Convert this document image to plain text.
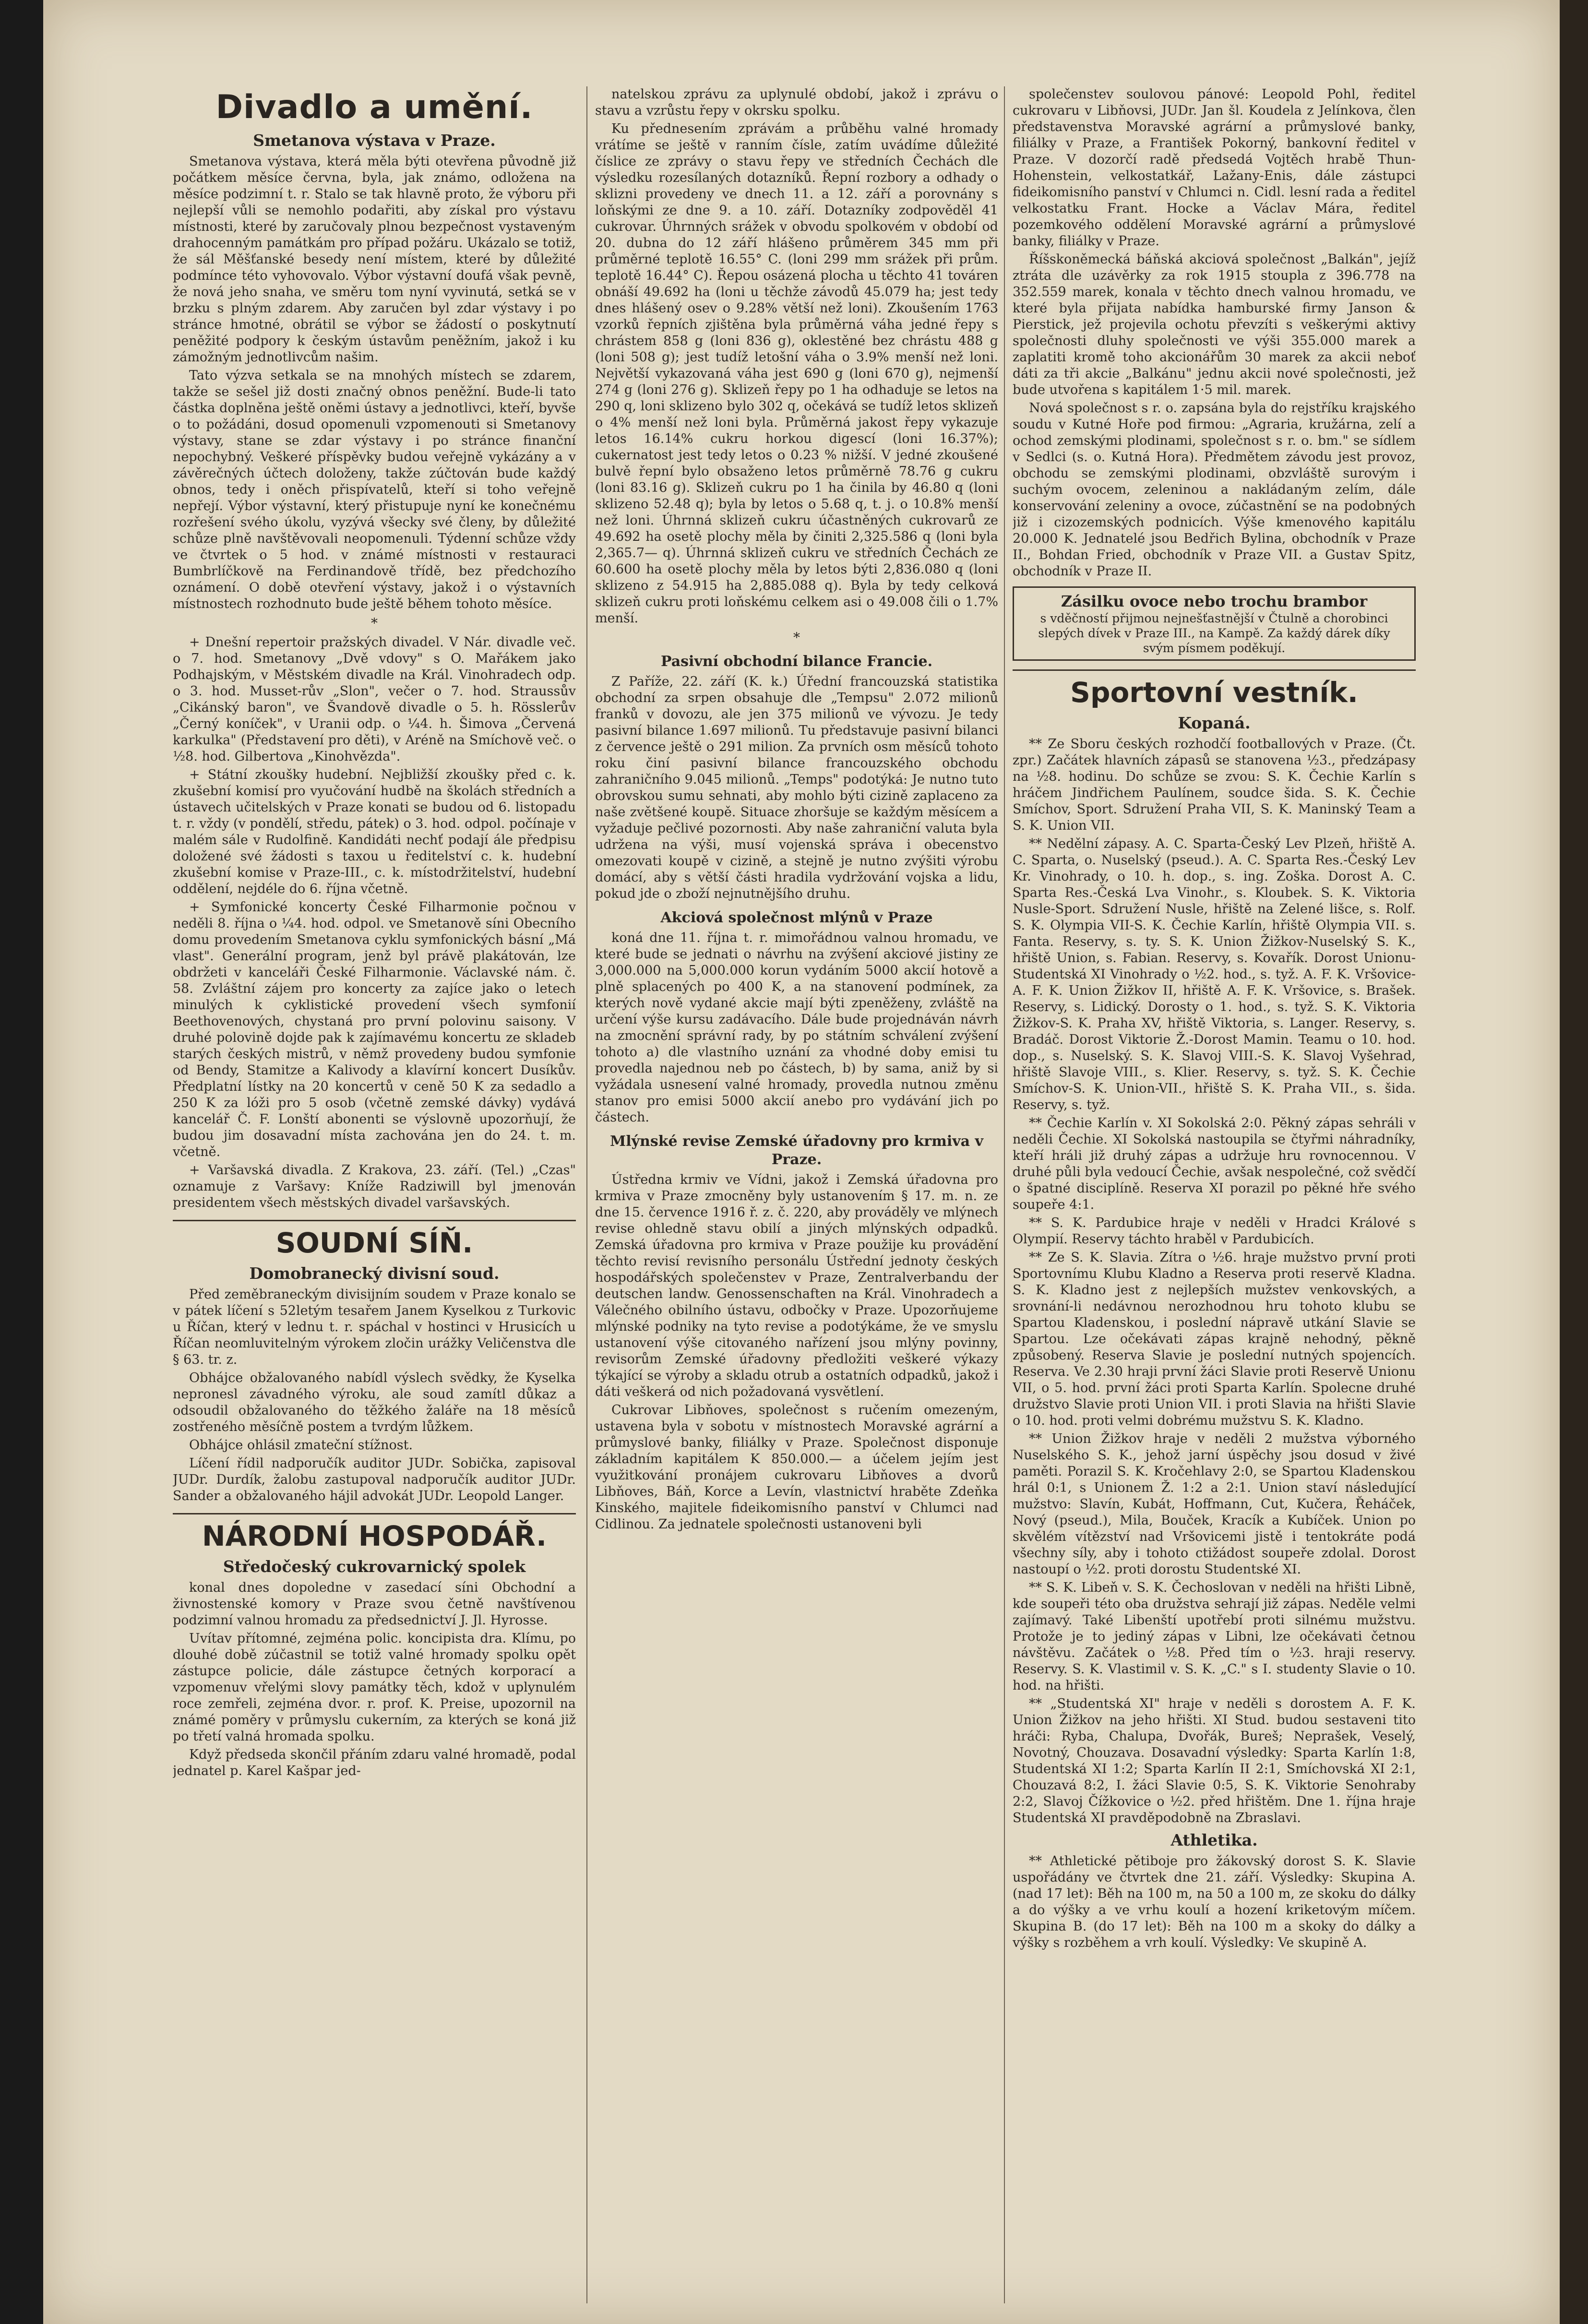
Divadlo a umění.
Smetanova výstava v Praze.

Smetanova výstava, která měla býti otevřena původně již počátkem měsíce června, byla, jak známo, odložena na měsíce podzimní t. r. Stalo se tak hlavně proto, že výboru při nejlepší vůli se nemohlo podařiti, aby získal pro výstavu místnosti, které by zaručovaly plnou bezpečnost vystaveným drahocenným památkám pro případ požáru. Ukázalo se totiž, že sál Měšťanské besedy není místem, které by důležité podmínce této vyhovovalo. Výbor výstavní doufá však pevně, že nová jeho snaha, ve směru tom nyní vyvinutá, setká se v brzku s plným zdarem. Aby zaručen byl zdar výstavy i po stránce hmotné, obrátil se výbor se žádostí o poskytnutí peněžité podpory k českým ústavům peněžním, jakož i ku zámožným jednotlivcům našim.

Tato výzva setkala se na mnohých místech se zdarem, takže se sešel již dosti značný obnos peněžní. Bude-li tato částka doplněna ještě oněmi ústavy a jednotlivci, kteří, byvše o to požádáni, dosud opomenuli vzpomenouti si Smetanovy výstavy, stane se zdar výstavy i po stránce finanční nepochybný. Veškeré příspěvky budou veřejně vykázány a v závěrečných účtech doloženy, takže zúčtován bude každý obnos, tedy i oněch přispívatelů, kteří si toho veřejně nepřejí. Výbor výstavní, který přistupuje nyní ke konečnému rozřešení svého úkolu, vyzývá všecky své členy, by důležité schůze plně navštěvovali neopomenuli. Týdenní schůze vždy ve čtvrtek o 5 hod. v známé místnosti v restauraci Bumbrlíčkově na Ferdinandově třídě, bez předchozího oznámení. O době otevření výstavy, jakož i o výstavních místnostech rozhodnuto bude ještě během tohoto měsíce.

*

+ Dnešní repertoir pražských divadel. V Nár. divadle več. o 7. hod. Smetanovy „Dvě vdovy" s O. Mařákem jako Podhajským, v Městském divadle na Král. Vinohradech odp. o 3. hod. Musset-rův „Slon", večer o 7. hod. Straussův „Cikánský baron", ve Švandově divadle o 5. h. Rösslerův „Černý koníček", v Uranii odp. o ¼4. h. Šimova „Červená karkulka" (Představení pro děti), v Aréně na Smíchově več. o ½8. hod. Gilbertova „Kinohvězda".

+ Státní zkoušky hudební. Nejbližší zkoušky před c. k. zkušební komisí pro vyučování hudbě na školách středních a ústavech učitelských v Praze konati se budou od 6. listopadu t. r. vždy (v pondělí, středu, pátek) o 3. hod. odpol. počínaje v malém sále v Rudolfině. Kandidáti nechť podají ále předpisu doložené své žádosti s taxou u ředitelství c. k. hudební zkušební komise v Praze-III., c. k. místodržitelství, hudební oddělení, nejdéle do 6. října včetně.

+ Symfonické koncerty České Filharmonie počnou v neděli 8. října o ¼4. hod. odpol. ve Smetanově síni Obecního domu provedením Smetanova cyklu symfonických básní „Má vlast". Generální program, jenž byl právě plakátován, lze obdržeti v kanceláři České Filharmonie. Václavské nám. č. 58. Zvláštní zájem pro koncerty za zajíce jako o letech minulých k cyklistické provedení všech symfonií Beethovenových, chystaná pro první polovinu saisony. V druhé polovině dojde pak k zajímavému koncertu ze skladeb starých českých mistrů, v němž provedeny budou symfonie od Bendy, Stamitze a Kalivody a klavírní koncert Dusíkův. Předplatní lístky na 20 koncertů v ceně 50 K za sedadlo a 250 K za lóži pro 5 osob (včetně zemské dávky) vydává kancelář Č. F. Lonští abonenti se výslovně upozorňují, že budou jim dosavadní místa zachována jen do 24. t. m. včetně.

+ Varšavská divadla. Z Krakova, 23. září. (Tel.) „Czas" oznamuje z Varšavy: Kníže Radziwill byl jmenován presidentem všech městských divadel varšavských.

SOUDNÍ SÍŇ.
Domobranecký divisní soud.

Před zeměbraneckým divisijním soudem v Praze konalo se v pátek líčení s 52letým tesařem Janem Kyselkou z Turkovic u Říčan, který v lednu t. r. spáchal v hostinci v Hrusicích u Říčan neomluvitelným výrokem zločin urážky Veličenstva dle § 63. tr. z.

Obhájce obžalovaného nabídl výslech svědky, že Kyselka nepronesl závadného výroku, ale soud zamítl důkaz a odsoudil obžalovaného do těžkého žaláře na 18 měsíců zostřeného měsíčně postem a tvrdým lůžkem.

Obhájce ohlásil zmateční stížnost.

Líčení řídil nadporučík auditor JUDr. Sobička, zapisoval JUDr. Durdík, žalobu zastupoval nadporučík auditor JUDr. Sander a obžalovaného hájil advokát JUDr. Leopold Langer.

NÁRODNÍ HOSPODÁŘ.
Středočeský cukrovarnický spolek

konal dnes dopoledne v zasedací síni Obchodní a živnostenské komory v Praze svou četně navštívenou podzimní valnou hromadu za předsednictví J. Jl. Hyrosse.

Uvítav přítomné, zejména polic. koncipista dra. Klímu, po dlouhé době zúčastnil se totiž valné hromady spolku opět zástupce policie, dále zástupce četných korporací a vzpomenuv vřelými slovy památky těch, kdož v uplynulém roce zemřeli, zejména dvor. r. prof. K. Preise, upozornil na známé poměry v průmyslu cukerním, za kterých se koná již po třetí valná hromada spolku.

Když předseda skončil přáním zdaru valné hromadě, podal jednatel p. Karel Kašpar jed-

natelskou zprávu za uplynulé období, jakož i zprávu o stavu a vzrůstu řepy v okrsku spolku.

Ku přednesením zprávám a průběhu valné hromady vrátíme se ještě v ranním čísle, zatím uvádíme důležité číslice ze zprávy o stavu řepy ve středních Čechách dle výsledku rozesílaných dotazníků. Řepní rozbory a odhady o sklizni provedeny ve dnech 11. a 12. září a porovnány s loňskými ze dne 9. a 10. září. Dotazníky zodpověděl 41 cukrovar. Úhrnných srážek v obvodu spolkovém v období od 20. dubna do 12 září hlášeno průměrem 345 mm při průměrné teplotě 16.55° C. (loni 299 mm srážek při prům. teplotě 16.44° C). Řepou osázená plocha u těchto 41 továren obnáší 49.692 ha (loni u těchže závodů 45.079 ha; jest tedy dnes hlášený osev o 9.28% větší než loni). Zkoušením 1763 vzorků řepních zjištěna byla průměrná váha jedné řepy s chrástem 858 g (loni 836 g), oklestěné bez chrástu 488 g (loni 508 g); jest tudíž letošní váha o 3.9% menší než loni. Největší vykazovaná váha jest 690 g (loni 670 g), nejmenší 274 g (loni 276 g). Sklizeň řepy po 1 ha odhaduje se letos na 290 q, loni sklizeno bylo 302 q, očekává se tudíž letos sklizeň o 4% menší než loni byla. Průměrná jakost řepy vykazuje letos 16.14% cukru horkou digescí (loni 16.37%); cukernatost jest tedy letos o 0.23 % nižší. V jedné zkoušené bulvě řepní bylo obsaženo letos průměrně 78.76 g cukru (loni 83.16 g). Sklizeň cukru po 1 ha činila by 46.80 q (loni sklizeno 52.48 q); byla by letos o 5.68 q, t. j. o 10.8% menší než loni. Úhrnná sklizeň cukru účastněných cukrovarů ze 49.692 ha osetě plochy měla by činiti 2,325.586 q (loni byla 2,365.7— q). Úhrnná sklizeň cukru ve středních Čechách ze 60.600 ha osetě plochy měla by letos býti 2,836.080 q (loni sklizeno z 54.915 ha 2,885.088 q). Byla by tedy celková sklizeň cukru proti loňskému celkem asi o 49.008 čili o 1.7% menší.

*
Pasivní obchodní bilance Francie.

Z Paříže, 22. září (K. k.) Úřední francouzská statistika obchodní za srpen obsahuje dle „Tempsu" 2.072 milionů franků v dovozu, ale jen 375 milionů ve vývozu. Je tedy pasivní bilance 1.697 milionů. Tu představuje pasivní bilanci z července ještě o 291 milion. Za prvních osm měsíců tohoto roku činí pasivní bilance francouzského obchodu zahraničního 9.045 milionů. „Temps" podotýká: Je nutno tuto obrovskou sumu sehnati, aby mohlo býti cizině zaplaceno za naše zvětšené koupě. Situace zhoršuje se každým měsícem a vyžaduje pečlivé pozornosti. Aby naše zahraniční valuta byla udržena na výši, musí vojenská správa i obecenstvo omezovati koupě v cizině, a stejně je nutno zvýšiti výrobu domácí, aby s větší části hradila vydržování vojska a lidu, pokud jde o zboží nejnutnějšího druhu.

Akciová společnost mlýnů v Praze

koná dne 11. října t. r. mimořádnou valnou hromadu, ve které bude se jednati o návrhu na zvýšení akciové jistiny ze 3,000.000 na 5,000.000 korun vydáním 5000 akcií hotově a plně splacených po 400 K, a na stanovení podmínek, za kterých nově vydané akcie mají býti zpeněženy, zvláště na určení výše kursu zadávacího. Dále bude projednáván návrh na zmocnění správní rady, by po státním schválení zvýšení tohoto a) dle vlastního uznání za vhodné doby emisi tu provedla najednou neb po částech, b) by sama, aniž by si vyžádala usnesení valné hromady, provedla nutnou změnu stanov pro emisi 5000 akcií anebo pro vydávání jich po částech.

Mlýnské revise Zemské úřadovny pro krmiva v Praze.

Ústředna krmiv ve Vídni, jakož i Zemská úřadovna pro krmiva v Praze zmocněny byly ustanovením § 17. m. n. ze dne 15. července 1916 ř. z. č. 220, aby prováděly ve mlýnech revise ohledně stavu obilí a jiných mlýnských odpadků. Zemská úřadovna pro krmiva v Praze použije ku provádění těchto revisí revisního personálu Ústřední jednoty českých hospodářských společenstev v Praze, Zentralverbandu der deutschen landw. Genossenschaften na Král. Vinohradech a Válečného obilního ústavu, odbočky v Praze. Upozorňujeme mlýnské podniky na tyto revise a podotýkáme, že ve smyslu ustanovení výše citovaného nařízení jsou mlýny povinny, revisorům Zemské úřadovny předložiti veškeré výkazy týkající se výroby a skladu otrub a ostatních odpadků, jakož i dáti veškerá od nich požadovaná vysvětlení.

Cukrovar Libňoves, společnost s ručením omezeným, ustavena byla v sobotu v místnostech Moravské agrární a průmyslové banky, filiálky v Praze. Společnost disponuje základním kapitálem K 850.000.— a účelem jejím jest využitkování pronájem cukrovaru Libňoves a dvorů Libňoves, Báň, Korce a Levín, vlastnictví hraběte Zdeňka Kinského, majitele fideikomisního panství v Chlumci nad Cidlinou. Za jednatele společnosti ustanoveni byli

společenstev soulovou pánové: Leopold Pohl, ředitel cukrovaru v Libňovsi, JUDr. Jan šl. Koudela z Jelínkova, člen představenstva Moravské agrární a průmyslové banky, filiálky v Praze, a František Pokorný, bankovní ředitel v Praze. V dozorčí radě předsedá Vojtěch hrabě Thun-Hohenstein, velkostatkář, Lažany-Enis, dále zástupci fideikomisního panství v Chlumci n. Cidl. lesní rada a ředitel velkostatku Frant. Hocke a Václav Mára, ředitel pozemkového oddělení Moravské agrární a průmyslové banky, filiálky v Praze.

Říšskoněmecká báňská akciová společnost „Balkán", jejíž ztráta dle uzávěrky za rok 1915 stoupla z 396.778 na 352.559 marek, konala v těchto dnech valnou hromadu, ve které byla přijata nabídka hamburské firmy Janson & Pierstick, jež projevila ochotu převzíti s veškerými aktivy společnosti dluhy společnosti ve výši 355.000 marek a zaplatiti kromě toho akcionářům 30 marek za akcii neboť dáti za tři akcie „Balkánu" jednu akcii nové společnosti, jež bude utvořena s kapitálem 1·5 mil. marek.

Nová společnost s r. o. zapsána byla do rejstříku krajského soudu v Kutné Hoře pod firmou: „Agraria, kružárna, zelí a ochod zemskými plodinami, společnost s r. o. bm." se sídlem v Sedlci (s. o. Kutná Hora). Předmětem závodu jest provoz, obchodu se zemskými plodinami, obzvláště surovým i suchým ovocem, zeleninou a nakládaným zelím, dále konservování zeleniny a ovoce, zúčastnění se na podobných již i cizozemských podnicích. Výše kmenového kapitálu 20.000 K. Jednatelé jsou Bedřich Bylina, obchodník v Praze II., Bohdan Fried, obchodník v Praze VII. a Gustav Spitz, obchodník v Praze II.

Zásilku ovoce nebo trochu brambor
s vděčností přijmou nejnešťastnější v Čtulně a chorobinci slepých dívek v Praze III., na Kampě. Za každý dárek díky svým písmem poděkují.
Sportovní vestník.
Kopaná.

** Ze Sboru českých rozhodčí footballových v Praze. (Čt. zpr.) Začátek hlavních zápasů se stanovena ½3., předzápasy na ½8. hodinu. Do schůze se zvou: S. K. Čechie Karlín s hráčem Jindřichem Paulínem, soudce šida. S. K. Čechie Smíchov, Sport. Sdružení Praha VII, S. K. Maninský Team a S. K. Union VII.

** Nedělní zápasy. A. C. Sparta-Český Lev Plzeň, hřiště A. C. Sparta, o. Nuselský (pseud.). A. C. Sparta Res.-Český Lev Kr. Vinohrady, o 10. h. dop., s. ing. Zoška. Dorost A. C. Sparta Res.-Česká Lva Vinohr., s. Kloubek. S. K. Viktoria Nusle-Sport. Sdružení Nusle, hřiště na Zelené lišce, s. Rolf. S. K. Olympia VII-S. K. Čechie Karlín, hřiště Olympia VII. s. Fanta. Reservy, s. ty. S. K. Union Žižkov-Nuselský S. K., hřiště Union, s. Fabian. Reservy, s. Kovařík. Dorost Unionu-Studentská XI Vinohrady o ½2. hod., s. tyž. A. F. K. Vršovice-A. F. K. Union Žižkov II, hřiště A. F. K. Vršovice, s. Brašek. Reservy, s. Lidický. Dorosty o 1. hod., s. tyž. S. K. Viktoria Žižkov-S. K. Praha XV, hřiště Viktoria, s. Langer. Reservy, s. Bradáč. Dorost Viktorie Ž.-Dorost Mamin. Teamu o 10. hod. dop., s. Nuselský. S. K. Slavoj VIII.-S. K. Slavoj Vyšehrad, hřiště Slavoje VIII., s. Klier. Reservy, s. tyž. S. K. Čechie Smíchov-S. K. Union-VII., hřiště S. K. Praha VII., s. šida. Reservy, s. tyž.

** Čechie Karlín v. XI Sokolská 2:0. Pěkný zápas sehráli v neděli Čechie. XI Sokolská nastoupila se čtyřmi náhradníky, kteří hráli již druhý zápas a udržuje hru rovnocennou. V druhé půli byla vedoucí Čechie, avšak nespolečné, což svědčí o špatné disciplíně. Reserva XI porazil po pěkné hře svého soupeře 4:1.

** S. K. Pardubice hraje v neděli v Hradci Králové s Olympií. Reservy táchto hraběl v Pardubicích.

** Ze S. K. Slavia. Zítra o ½6. hraje mužstvo první proti Sportovnímu Klubu Kladno a Reserva proti reservě Kladna. S. K. Kladno jest z nejlepších mužstev venkovských, a srovnání-li nedávnou nerozhodnou hru tohoto klubu se Spartou Kladenskou, i poslední nápravě utkání Slavie se Spartou. Lze očekávati zápas krajně nehodný, pěkně způsobený. Reserva Slavie je poslední nutných spojencích. Reserva. Ve 2.30 hraji první žáci Slavie proti Reservě Unionu VII, o 5. hod. první žáci proti Sparta Karlín. Spolecne druhé družstvo Slavie proti Union VII. i proti Slavia na hřišti Slavie o 10. hod. proti velmi dobrému mužstvu S. K. Kladno.

** Union Žižkov hraje v neděli 2 mužstva výborného Nuselského S. K., jehož jarní úspěchy jsou dosud v živé paměti. Porazil S. K. Kročehlavy 2:0, se Spartou Kladenskou hrál 0:1, s Unionem Ž. 1:2 a 2:1. Union staví následující mužstvo: Slavín, Kubát, Hoffmann, Cut, Kučera, Řeháček, Nový (pseud.), Mila, Bouček, Kracík a Kubíček. Union po skvělém vítězství nad Vršovicemi jistě i tentokráte podá všechny síly, aby i tohoto ctižádost soupeře zdolal. Dorost nastoupí o ½2. proti dorostu Studentské XI.

** S. K. Libeň v. S. K. Čechoslovan v neděli na hřišti Libně, kde soupeři této oba družstva sehrají již zápas. Neděle velmi zajímavý. Také Libenští upotřebí proti silnému mužstvu. Protože je to jediný zápas v Libni, lze očekávati četnou návštěvu. Začátek o ½8. Před tím o ½3. hraji reservy. Reservy. S. K. Vlastimil v. S. K. „C." s I. studenty Slavie o 10. hod. na hřišti.

** „Studentská XI" hraje v neděli s dorostem A. F. K. Union Žižkov na jeho hřišti. XI Stud. budou sestaveni tito hráči: Ryba, Chalupa, Dvořák, Bureš; Neprašek, Veselý, Novotný, Chouzava. Dosavadní výsledky: Sparta Karlín 1:8, Studentská XI 1:2; Sparta Karlín II 2:1, Smíchovská XI 2:1, Chouzavá 8:2, I. žáci Slavie 0:5, S. K. Viktorie Senohraby 2:2, Slavoj Čížkovice o ½2. před hřištěm. Dne 1. října hraje Studentská XI pravděpodobně na Zbraslavi.

Athletika.

** Athletické pětiboje pro žákovský dorost S. K. Slavie uspořádány ve čtvrtek dne 21. září. Výsledky: Skupina A. (nad 17 let): Běh na 100 m, na 50 a 100 m, ze skoku do dálky a do výšky a ve vrhu koulí a hození kriketovým míčem. Skupina B. (do 17 let): Běh na 100 m a skoky do dálky a výšky s rozběhem a vrh koulí. Výsledky: Ve skupině A.
